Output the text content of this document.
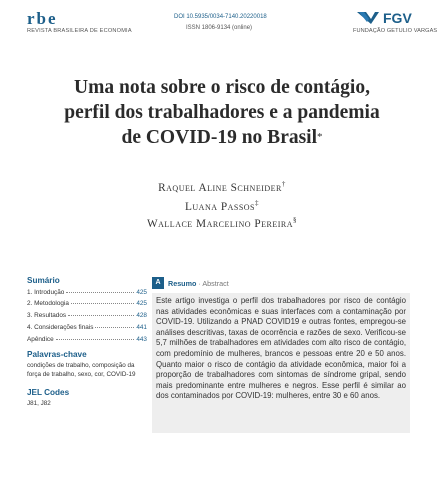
rbe
REVISTA BRASILEIRA DE ECONOMIA
DOI 10.5935/0034-7140.20220018
ISSN 1806-9134 (online)
FGV
FUNDAÇÃO GETULIO VARGAS
Uma nota sobre o risco de contágio,
perfil dos trabalhadores e a pandemia
de COVID-19 no Brasil*
Raquel Aline Schneider†
Luana Passos‡
Wallace Marcelino Pereira§
Sumário
1. Introdução	425
2. Metodologia	425
3. Resultados	428
4. Considerações finais	441
Apêndice	443
Palavras-chave
condições de trabalho, composição da força de trabalho, sexo, cor, COVID-19
JEL Codes
J81, J82
A	Resumo · Abstract
Este artigo investiga o perfil dos trabalhadores por risco de contágio nas atividades econômicas e suas interfaces com a contaminação por COVID-19. Utilizando a PNAD COVID19 e outras fontes, empregou-se análises descritivas, taxas de ocorrência e razões de sexo. Verificou-se 5,7 milhões de trabalhadores em atividades com alto risco de contágio, com predomínio de mulheres, brancos e pessoas entre 20 e 50 anos. Quanto maior o risco de contágio da atividade econômica, maior foi a proporção de trabalhadores com sintomas de síndrome gripal, sendo mais predominante entre mulheres e negros. Esse perfil é similar ao dos contaminados por COVID-19: mulheres, entre 30 e 60 anos.
